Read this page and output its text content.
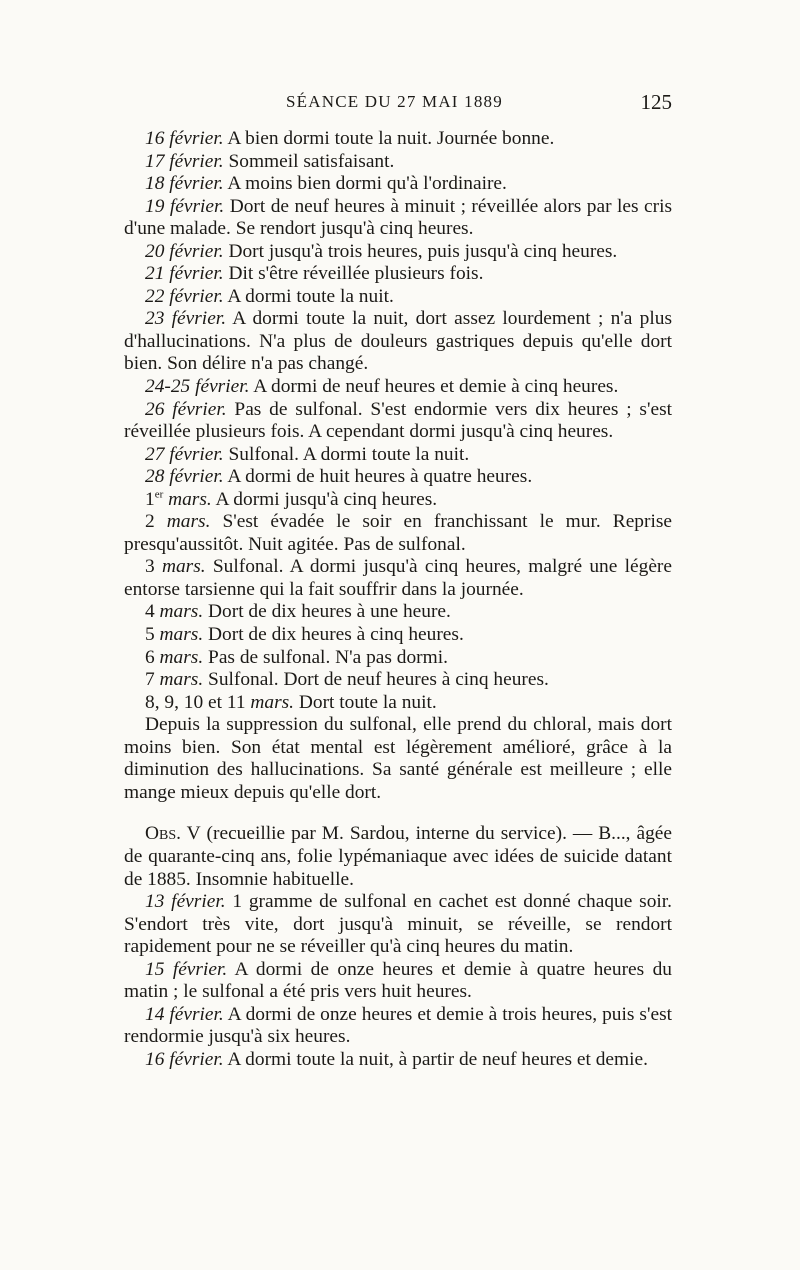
SÉANCE DU 27 MAI 1889	125

16 février. A bien dormi toute la nuit. Journée bonne.

17 février. Sommeil satisfaisant.

18 février. A moins bien dormi qu'à l'ordinaire.

19 février. Dort de neuf heures à minuit ; réveillée alors par les cris d'une malade. Se rendort jusqu'à cinq heures.

20 février. Dort jusqu'à trois heures, puis jusqu'à cinq heures.

21 février. Dit s'être réveillée plusieurs fois.

22 février. A dormi toute la nuit.

23 février. A dormi toute la nuit, dort assez lourdement ; n'a plus d'hallucinations. N'a plus de douleurs gastriques depuis qu'elle dort bien. Son délire n'a pas changé.

24-25 février. A dormi de neuf heures et demie à cinq heures.

26 février. Pas de sulfonal. S'est endormie vers dix heures ; s'est réveillée plusieurs fois. A cependant dormi jusqu'à cinq heures.

27 février. Sulfonal. A dormi toute la nuit.

28 février. A dormi de huit heures à quatre heures.

1er mars. A dormi jusqu'à cinq heures.

2 mars. S'est évadée le soir en franchissant le mur. Reprise presqu'aussitôt. Nuit agitée. Pas de sulfonal.

3 mars. Sulfonal. A dormi jusqu'à cinq heures, malgré une légère entorse tarsienne qui la fait souffrir dans la journée.

4 mars. Dort de dix heures à une heure.

5 mars. Dort de dix heures à cinq heures.

6 mars. Pas de sulfonal. N'a pas dormi.

7 mars. Sulfonal. Dort de neuf heures à cinq heures.

8, 9, 10 et 11 mars. Dort toute la nuit.

Depuis la suppression du sulfonal, elle prend du chloral, mais dort moins bien. Son état mental est légèrement amélioré, grâce à la diminution des hallucinations. Sa santé générale est meilleure ; elle mange mieux depuis qu'elle dort.

Obs. V (recueillie par M. Sardou, interne du service). — B..., âgée de quarante-cinq ans, folie lypémaniaque avec idées de suicide datant de 1885. Insomnie habituelle.

13 février. 1 gramme de sulfonal en cachet est donné chaque soir. S'endort très vite, dort jusqu'à minuit, se réveille, se rendort rapidement pour ne se réveiller qu'à cinq heures du matin.

15 février. A dormi de onze heures et demie à quatre heures du matin ; le sulfonal a été pris vers huit heures.

14 février. A dormi de onze heures et demie à trois heures, puis s'est rendormie jusqu'à six heures.

16 février. A dormi toute la nuit, à partir de neuf heures et demie.
